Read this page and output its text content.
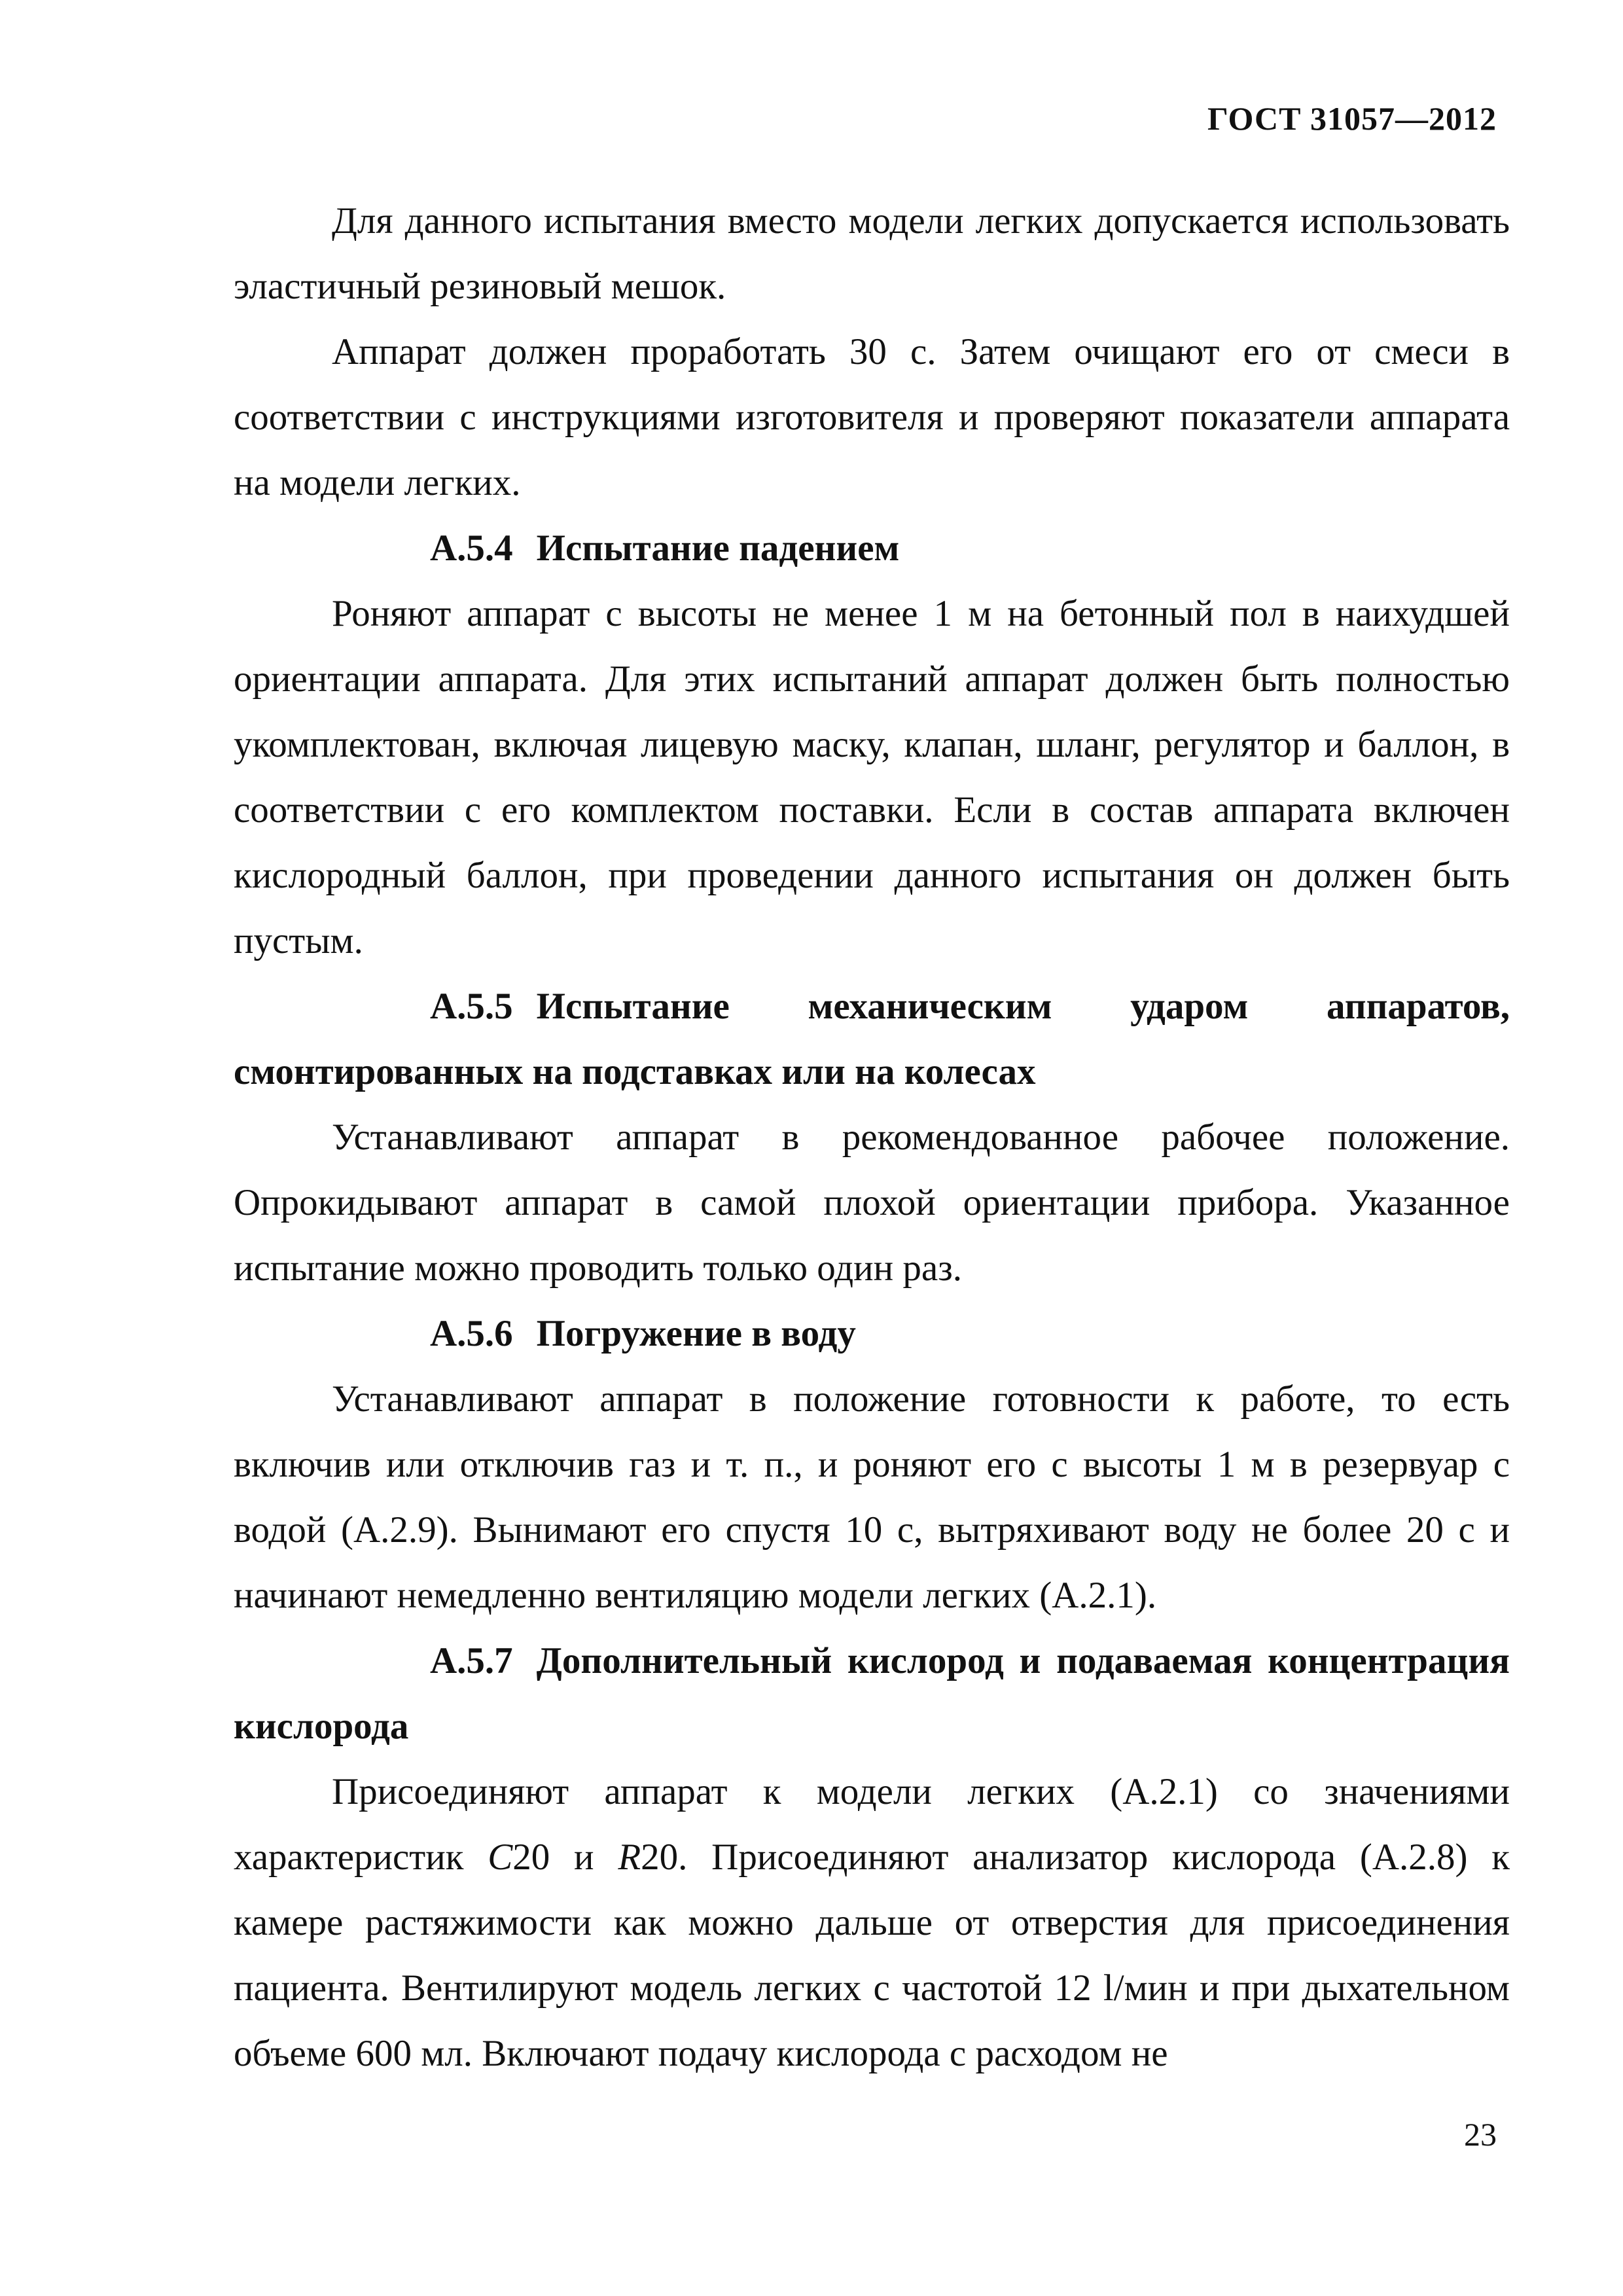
ГОСТ 31057—2012

Для данного испытания вместо модели легких допускается использовать эластичный резиновый мешок.

Аппарат должен проработать 30 с. Затем очищают его от смеси в соответствии с инструкциями изготовителя и проверяют показатели аппарата на модели легких.

А.5.4 Испытание падением

Роняют аппарат с высоты не менее 1 м на бетонный пол в наихудшей ориентации аппарата. Для этих испытаний аппарат должен быть полностью укомплектован, включая лицевую маску, клапан, шланг, регулятор и баллон, в соответствии с его комплектом поставки. Если в состав аппарата включен кислородный баллон, при проведении данного испытания он должен быть пустым.

А.5.5 Испытание механическим ударом аппаратов, смонтированных на подставках или на колесах

Устанавливают аппарат в рекомендованное рабочее положение. Опрокидывают аппарат в самой плохой ориентации прибора. Указанное испытание можно проводить только один раз.

А.5.6 Погружение в воду

Устанавливают аппарат в положение готовности к работе, то есть включив или отключив газ и т. п., и роняют его с высоты 1 м в резервуар с водой (А.2.9). Вынимают его спустя 10 с, вытряхивают воду не более 20 с и начинают немедленно вентиляцию модели легких (А.2.1).

А.5.7 Дополнительный кислород и подаваемая концентрация кислорода

Присоединяют аппарат к модели легких (А.2.1) со значениями характеристик C20 и R20. Присоединяют анализатор кислорода (А.2.8) к камере растяжимости как можно дальше от отверстия для присоединения пациента. Вентилируют модель легких с частотой 12 l/мин и при дыхательном объеме 600 мл. Включают подачу кислорода с расходом не

23
